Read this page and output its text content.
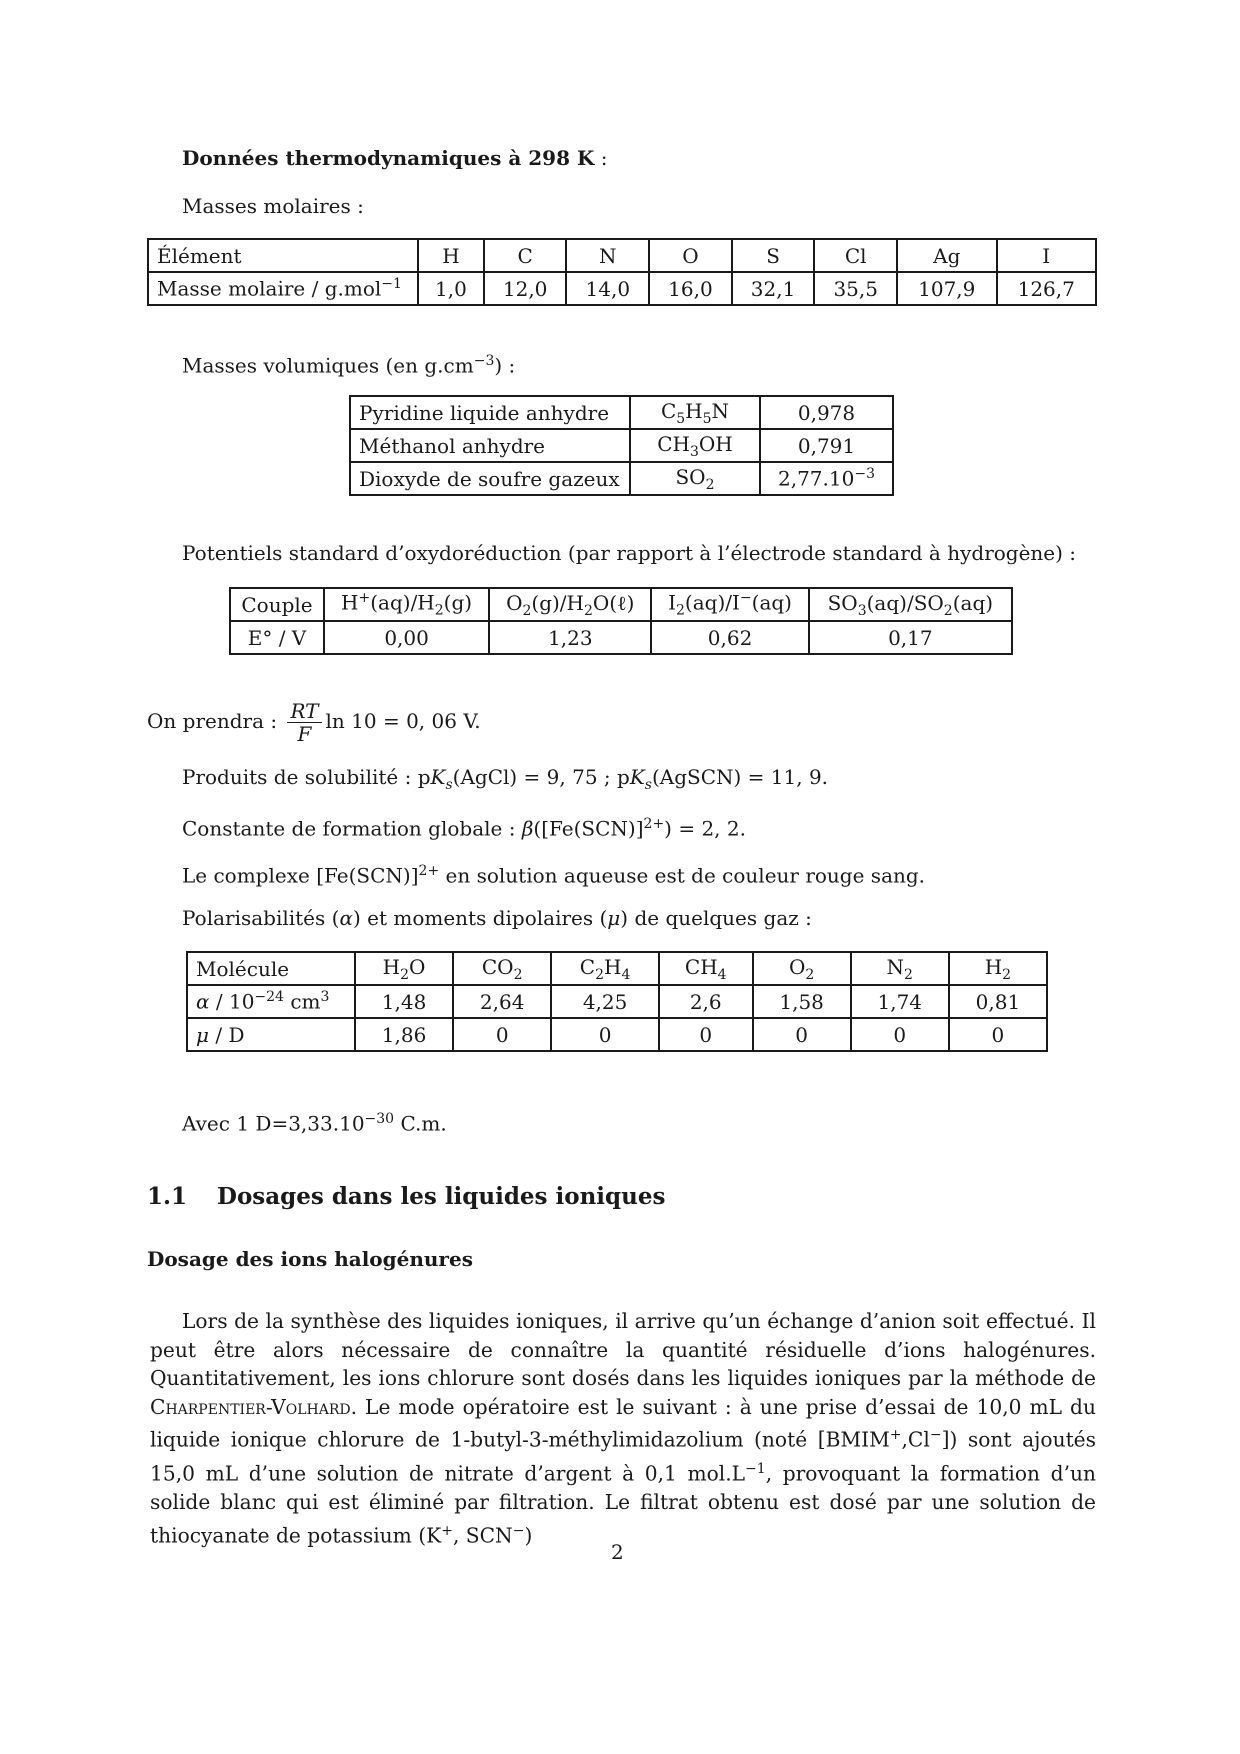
Données thermodynamiques à 298 K :
Masses molaires :
Élément	H	C	N	O	S	Cl	Ag	I
Masse molaire / g.mol$^{-1}$	1,0	12,0	14,0	16,0	32,1	35,5	107,9	126,7
Masses volumiques (en $g.cm^{-3}$) :
Pyridine liquide anhydre	$C_5H_5N$	0,978
Méthanol anhydre	$CH_3OH$	0,791
Dioxyde de soufre gazeux	$SO_2$	$2,77.10^{-3}$
Potentiels standard d’oxydoréduction (par rapport à l’électrode standard à hydrogène) :
Couple	$H^+(aq)/H_2(g)$	$O_2(g)/H_2O(\ell)$	$I_2(aq)/I^-(aq)$	$SO_3(aq)/SO_2(aq)$
E° / V	0,00	1,23	0,62	0,17
On prendra : $\frac{RT}{F}$ ln 10 = 0, 06 V.
Produits de solubilité : $pK_s(AgCl) = 9$, 75 ; $pK_s(AgSCN) = 11$, 9.
Constante de formation globale : $\beta([Fe(SCN)]^{2+}) = 2$, 2.
Le complexe $[Fe(SCN)]^{2+}$ en solution aqueuse est de couleur rouge sang.
Polarisabilités (α) et moments dipolaires (μ) de quelques gaz :
Molécule	$H_2O$	$CO_2$	$C_2H_4$	$CH_4$	$O_2$	$N_2$	$H_2$
α / $10^{-24}$ $cm^3$	1,48	2,64	4,25	2,6	1,58	1,74	0,81
μ / D	1,86	0	0	0	0	0	0
Avec 1 $D=3,33.10^{-30}$ C.m.
1.1 Dosages dans les liquides ioniques
Dosage des ions halogénures
Lors de la synthèse des liquides ioniques, il arrive qu’un échange d’anion soit effectué. Il peut être alors nécessaire de connaître la quantité résiduelle d’ions halogénures. Quantitativement, les ions chlorure sont dosés dans les liquides ioniques par la méthode de Charpentier-Volhard. Le mode opératoire est le suivant : à une prise d’essai de 10,0 mL du liquide ionique chlorure de 1-butyl-3-méthylimidazolium (noté [BMIM+,Cl−]) sont ajoutés 15,0 mL d’une solution de nitrate d’argent à 0,1 $mol.L^{-1}$, provoquant la formation d’un solide blanc qui est éliminé par filtration. Le filtrat obtenu est dosé par une solution de thiocyanate de potassium (K+, SCN−)
2
